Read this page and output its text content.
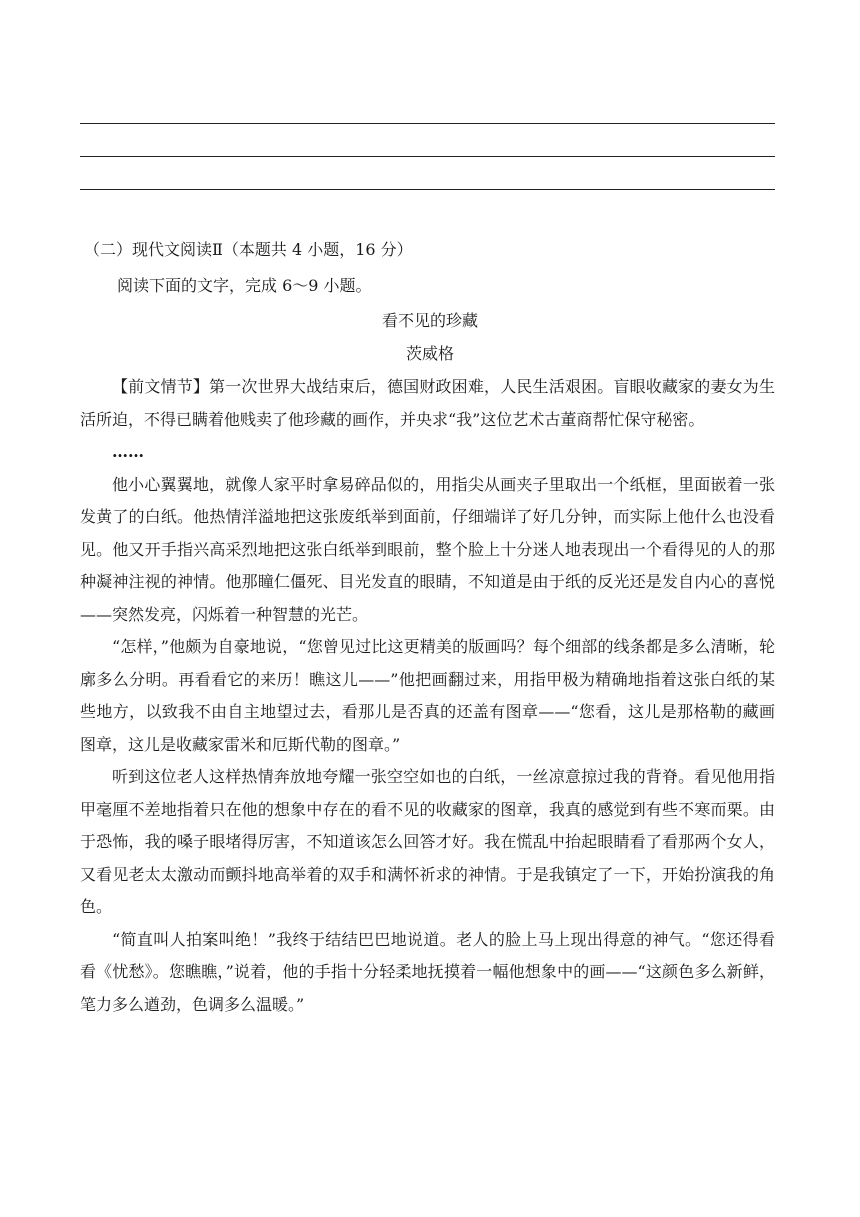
（二）现代文阅读Ⅱ（本题共 4 小题，16 分）
阅读下面的文字，完成 6～9 小题。
看不见的珍藏
茨威格

【前文情节】第一次世界大战结束后，德国财政困难，人民生活艰困。盲眼收藏家的妻女为生活所迫，不得已瞒着他贱卖了他珍藏的画作，并央求“我”这位艺术古董商帮忙保守秘密。

……

他小心翼翼地，就像人家平时拿易碎品似的，用指尖从画夹子里取出一个纸框，里面嵌着一张发黄了的白纸。他热情洋溢地把这张废纸举到面前，仔细端详了好几分钟，而实际上他什么也没看见。他又开手指兴高采烈地把这张白纸举到眼前，整个脸上十分迷人地表现出一个看得见的人的那种凝神注视的神情。他那瞳仁僵死、目光发直的眼睛，不知道是由于纸的反光还是发自内心的喜悦——突然发亮，闪烁着一种智慧的光芒。

“怎样，”他颇为自豪地说，“您曾见过比这更精美的版画吗？每个细部的线条都是多么清晰，轮廓多么分明。再看看它的来历！瞧这儿——”他把画翻过来，用指甲极为精确地指着这张白纸的某些地方，以致我不由自主地望过去，看那儿是否真的还盖有图章——“您看，这儿是那格勒的藏画图章，这儿是收藏家雷米和厄斯代勒的图章。”

听到这位老人这样热情奔放地夸耀一张空空如也的白纸，一丝凉意掠过我的背脊。看见他用指甲毫厘不差地指着只在他的想象中存在的看不见的收藏家的图章，我真的感觉到有些不寒而栗。由于恐怖，我的嗓子眼堵得厉害，不知道该怎么回答才好。我在慌乱中抬起眼睛看了看那两个女人，又看见老太太激动而颤抖地高举着的双手和满怀祈求的神情。于是我镇定了一下，开始扮演我的角色。

“简直叫人拍案叫绝！”我终于结结巴巴地说道。老人的脸上马上现出得意的神气。“您还得看看《忧愁》。您瞧瞧，”说着，他的手指十分轻柔地抚摸着一幅他想象中的画——“这颜色多么新鲜，笔力多么遒劲，色调多么温暖。”
